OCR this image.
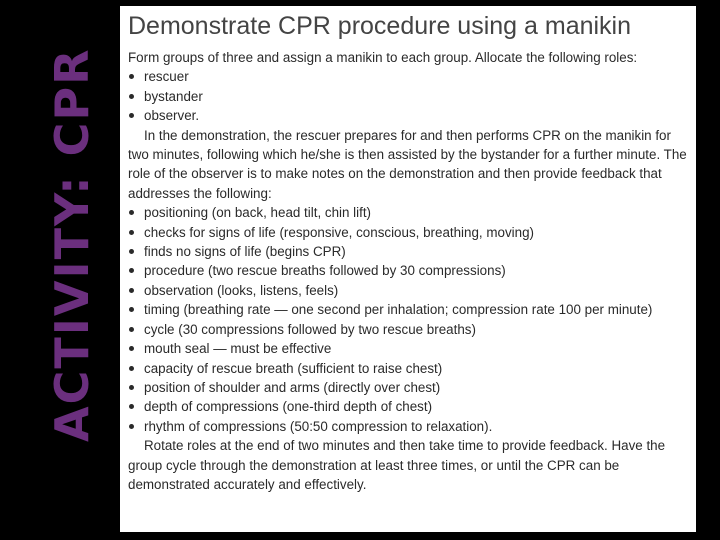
ACTIVITY: CPR
Demonstrate CPR procedure using a manikin

Form groups of three and assign a manikin to each group. Allocate the following roles:

rescuer
bystander
observer.

In the demonstration, the rescuer prepares for and then performs CPR on the manikin for two minutes, following which he/she is then assisted by the bystander for a further minute. The role of the observer is to make notes on the demonstration and then provide feedback that addresses the following:

positioning (on back, head tilt, chin lift)
checks for signs of life (responsive, conscious, breathing, moving)
finds no signs of life (begins CPR)
procedure (two rescue breaths followed by 30 compressions)
observation (looks, listens, feels)
timing (breathing rate — one second per inhalation; compression rate 100 per minute)
cycle (30 compressions followed by two rescue breaths)
mouth seal — must be effective
capacity of rescue breath (sufficient to raise chest)
position of shoulder and arms (directly over chest)
depth of compressions (one-third depth of chest)
rhythm of compressions (50:50 compression to relaxation).

Rotate roles at the end of two minutes and then take time to provide feedback. Have the group cycle through the demonstration at least three times, or until the CPR can be demonstrated accurately and effectively.
